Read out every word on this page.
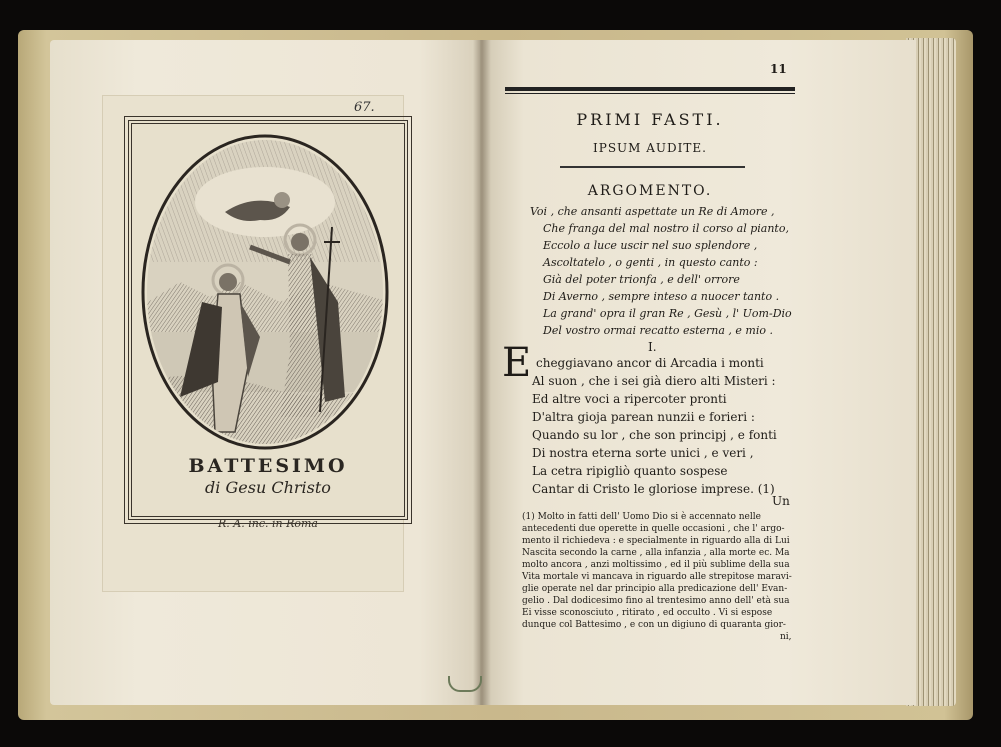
67.
BATTESIMO
di Gesu Christo
R. A. inc. in Roma
11
PRIMI FASTI.
IPSUM AUDITE.
ARGOMENTO.
Voi , che ansanti aspettate un Re di Amore ,
Che franga del mal nostro il corso al pianto,
Eccolo a luce uscir nel suo splendore ,
Ascoltatelo , o genti , in questo canto :
Già del poter trionfa , e dell' orrore
Di Averno , sempre inteso a nuocer tanto .
La grand' opra il gran Re , Gesù , l' Uom-Dio
Del vostro ormai recatto esterna , e mio .
I.
E cheggiavano ancor di Arcadia i monti
Al suon , che i sei già diero alti Misteri :
Ed altre voci a ripercoter pronti
D'altra gioja parean nunzii e forieri :
Quando su lor , che son principj , e fonti
Di nostra eterna sorte unici , e veri ,
La cetra ripigliò quanto sospese
Cantar di Cristo le gloriose imprese. (1)
Un
(1) Molto in fatti dell' Uomo Dio si è accennato nelle
antecedenti due operette in quelle occasioni , che l' argo-
mento il richiedeva : e specialmente in riguardo alla di Lui
Nascita secondo la carne , alla infanzia , alla morte ec. Ma
molto ancora , anzi moltissimo , ed il più sublime della sua
Vita mortale vi mancava in riguardo alle strepitose maravi-
glie operate nel dar principio alla predicazione dell' Evan-
gelio . Dal dodicesimo fino al trentesimo anno dell' età sua
Ei visse sconosciuto , ritirato , ed occulto . Vi si espose
dunque col Battesimo , e con un digiuno di quaranta gior-
ni,
